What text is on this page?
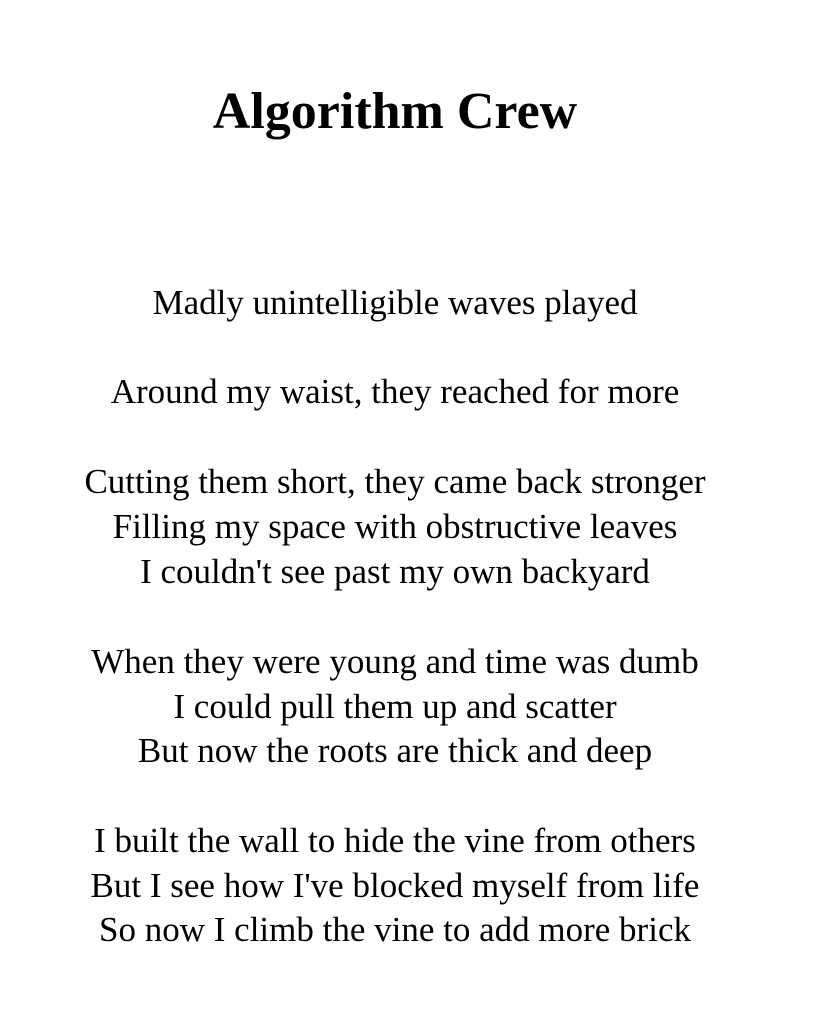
Algorithm Crew
Madly unintelligible waves played
Around my waist, they reached for more
Cutting them short, they came back stronger
Filling my space with obstructive leaves
I couldn't see past my own backyard
When they were young and time was dumb
I could pull them up and scatter
But now the roots are thick and deep
I built the wall to hide the vine from others
But I see how I've blocked myself from life
So now I climb the vine to add more brick
